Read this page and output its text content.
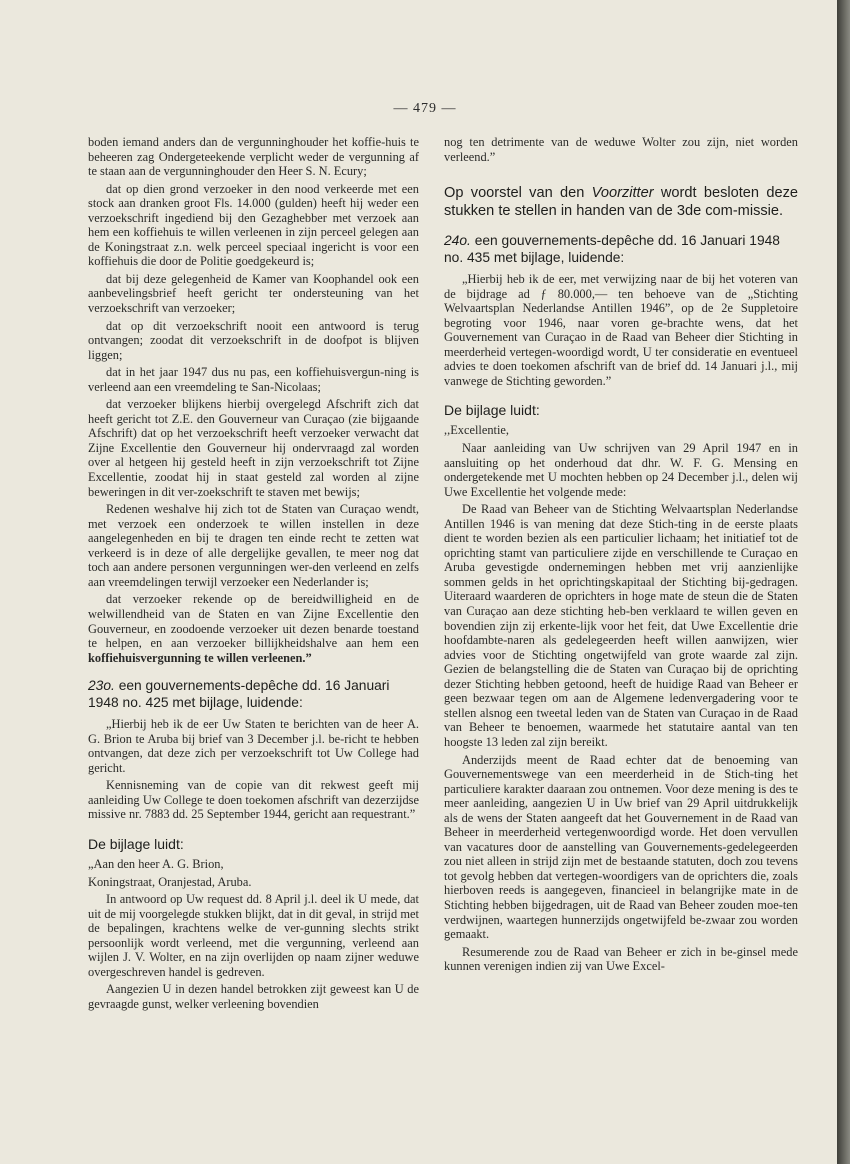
— 479 —

boden iemand anders dan de vergunninghouder het koffie-huis te beheeren zag Ondergeteekende verplicht weder de vergunning af te staan aan de vergunninghouder den Heer S. N. Ecury;

dat op dien grond verzoeker in den nood verkeerde met een stock aan dranken groot Fls. 14.000 (gulden) heeft hij weder een verzoekschrift ingediend bij den Gezaghebber met verzoek aan hem een koffiehuis te willen verleenen in zijn perceel gelegen aan de Koningstraat z.n. welk perceel speciaal ingericht is voor een koffiehuis die door de Politie goedgekeurd is;

dat bij deze gelegenheid de Kamer van Koophandel ook een aanbevelingsbrief heeft gericht ter ondersteuning van het verzoekschrift van verzoeker;

dat op dit verzoekschrift nooit een antwoord is terug ontvangen; zoodat dit verzoekschrift in de doofpot is blijven liggen;

dat in het jaar 1947 dus nu pas, een koffiehuisvergun-ning is verleend aan een vreemdeling te San-Nicolaas;

dat verzoeker blijkens hierbij overgelegd Afschrift zich dat heeft gericht tot Z.E. den Gouverneur van Curaçao (zie bijgaande Afschrift) dat op het verzoekschrift heeft verzoeker verwacht dat Zijne Excellentie den Gouverneur hij ondervraagd zal worden over al hetgeen hij gesteld heeft in zijn verzoekschrift tot Zijne Excellentie, zoodat hij in staat gesteld zal worden al zijne beweringen in dit ver-zoekschrift te staven met bewijs;

Redenen weshalve hij zich tot de Staten van Curaçao wendt, met verzoek een onderzoek te willen instellen in deze aangelegenheden en bij te dragen ten einde recht te zetten wat verkeerd is in deze of alle dergelijke gevallen, te meer nog dat toch aan andere personen vergunningen wer-den verleend en zelfs aan vreemdelingen terwijl verzoeker een Nederlander is;

dat verzoeker rekende op de bereidwilligheid en de welwillendheid van de Staten en van Zijne Excellentie den Gouverneur, en zoodoende verzoeker uit dezen benarde toestand te helpen, en aan verzoeker billijkheidshalve aan hem een koffiehuisvergunning te willen verleenen.”

23o. een gouvernements-depêche dd. 16 Januari 1948 no. 425 met bijlage, luidende:

„Hierbij heb ik de eer Uw Staten te berichten van de heer A. G. Brion te Aruba bij brief van 3 December j.l. be-richt te hebben ontvangen, dat deze zich per verzoekschrift tot Uw College had gericht.

Kennisneming van de copie van dit rekwest geeft mij aanleiding Uw College te doen toekomen afschrift van dezerzijdse missive nr. 7883 dd. 25 September 1944, gericht aan requestrant.”

De bijlage luidt:

„Aan den heer A. G. Brion,

Koningstraat, Oranjestad, Aruba.

In antwoord op Uw request dd. 8 April j.l. deel ik U mede, dat uit de mij voorgelegde stukken blijkt, dat in dit geval, in strijd met de bepalingen, krachtens welke de ver-gunning slechts strikt persoonlijk wordt verleend, met die vergunning, verleend aan wijlen J. V. Wolter, en na zijn overlijden op naam zijner weduwe overgeschreven handel is gedreven.

Aangezien U in dezen handel betrokken zijt geweest kan U de gevraagde gunst, welker verleening bovendien

nog ten detrimente van de weduwe Wolter zou zijn, niet worden verleend.”

Op voorstel van den Voorzitter wordt besloten deze stukken te stellen in handen van de 3de com-missie.
24o. een gouvernements-depêche dd. 16 Januari 1948 no. 435 met bijlage, luidende:

„Hierbij heb ik de eer, met verwijzing naar de bij het voteren van de bijdrage ad ƒ 80.000,— ten behoeve van de „Stichting Welvaartsplan Nederlandse Antillen 1946”, op de 2e Suppletoire begroting voor 1946, naar voren ge-brachte wens, dat het Gouvernement van Curaçao in de Raad van Beheer dier Stichting in meerderheid vertegen-woordigd wordt, U ter consideratie en eventueel advies te doen toekomen afschrift van de brief dd. 14 Januari j.l., mij vanwege de Stichting geworden.”

De bijlage luidt:

,,Excellentie,

Naar aanleiding van Uw schrijven van 29 April 1947 en in aansluiting op het onderhoud dat dhr. W. F. G. Mensing en ondergetekende met U mochten hebben op 24 December j.l., delen wij Uwe Excellentie het volgende mede:

De Raad van Beheer van de Stichting Welvaartsplan Nederlandse Antillen 1946 is van mening dat deze Stich-ting in de eerste plaats dient te worden bezien als een particulier lichaam; het initiatief tot de oprichting stamt van particuliere zijde en verschillende te Curaçao en Aruba gevestigde ondernemingen hebben met vrij aanzienlijke sommen gelds in het oprichtingskapitaal der Stichting bij-gedragen. Uiteraard waarderen de oprichters in hoge mate de steun die de Staten van Curaçao aan deze stichting heb-ben verklaard te willen geven en bovendien zijn zij erkente-lijk voor het feit, dat Uwe Excellentie drie hoofdambte-naren als gedelegeerden heeft willen aanwijzen, wier advies voor de Stichting ongetwijfeld van grote waarde zal zijn. Gezien de belangstelling die de Staten van Curaçao bij de oprichting dezer Stichting hebben getoond, heeft de huidige Raad van Beheer er geen bezwaar tegen om aan de Algemene ledenvergadering voor te stellen alsnog een tweetal leden van de Staten van Curaçao in de Raad van Beheer te benoemen, waarmede het statutaire aantal van ten hoogste 13 leden zal zijn bereikt.

Anderzijds meent de Raad echter dat de benoeming van Gouvernementswege van een meerderheid in de Stich-ting het particuliere karakter daaraan zou ontnemen. Voor deze mening is des te meer aanleiding, aangezien U in Uw brief van 29 April uitdrukkelijk als de wens der Staten aangeeft dat het Gouvernement in de Raad van Beheer in meerderheid vertegenwoordigd worde. Het doen vervullen van vacatures door de aanstelling van Gouvernements-gedelegeerden zou niet alleen in strijd zijn met de bestaande statuten, doch zou tevens tot gevolg hebben dat vertegen-woordigers van de oprichters die, zoals hierboven reeds is aangegeven, financieel in belangrijke mate in de Stichting hebben bijgedragen, uit de Raad van Beheer zouden moe-ten verdwijnen, waartegen hunnerzijds ongetwijfeld be-zwaar zou worden gemaakt.

Resumerende zou de Raad van Beheer er zich in be-ginsel mede kunnen verenigen indien zij van Uwe Excel-
